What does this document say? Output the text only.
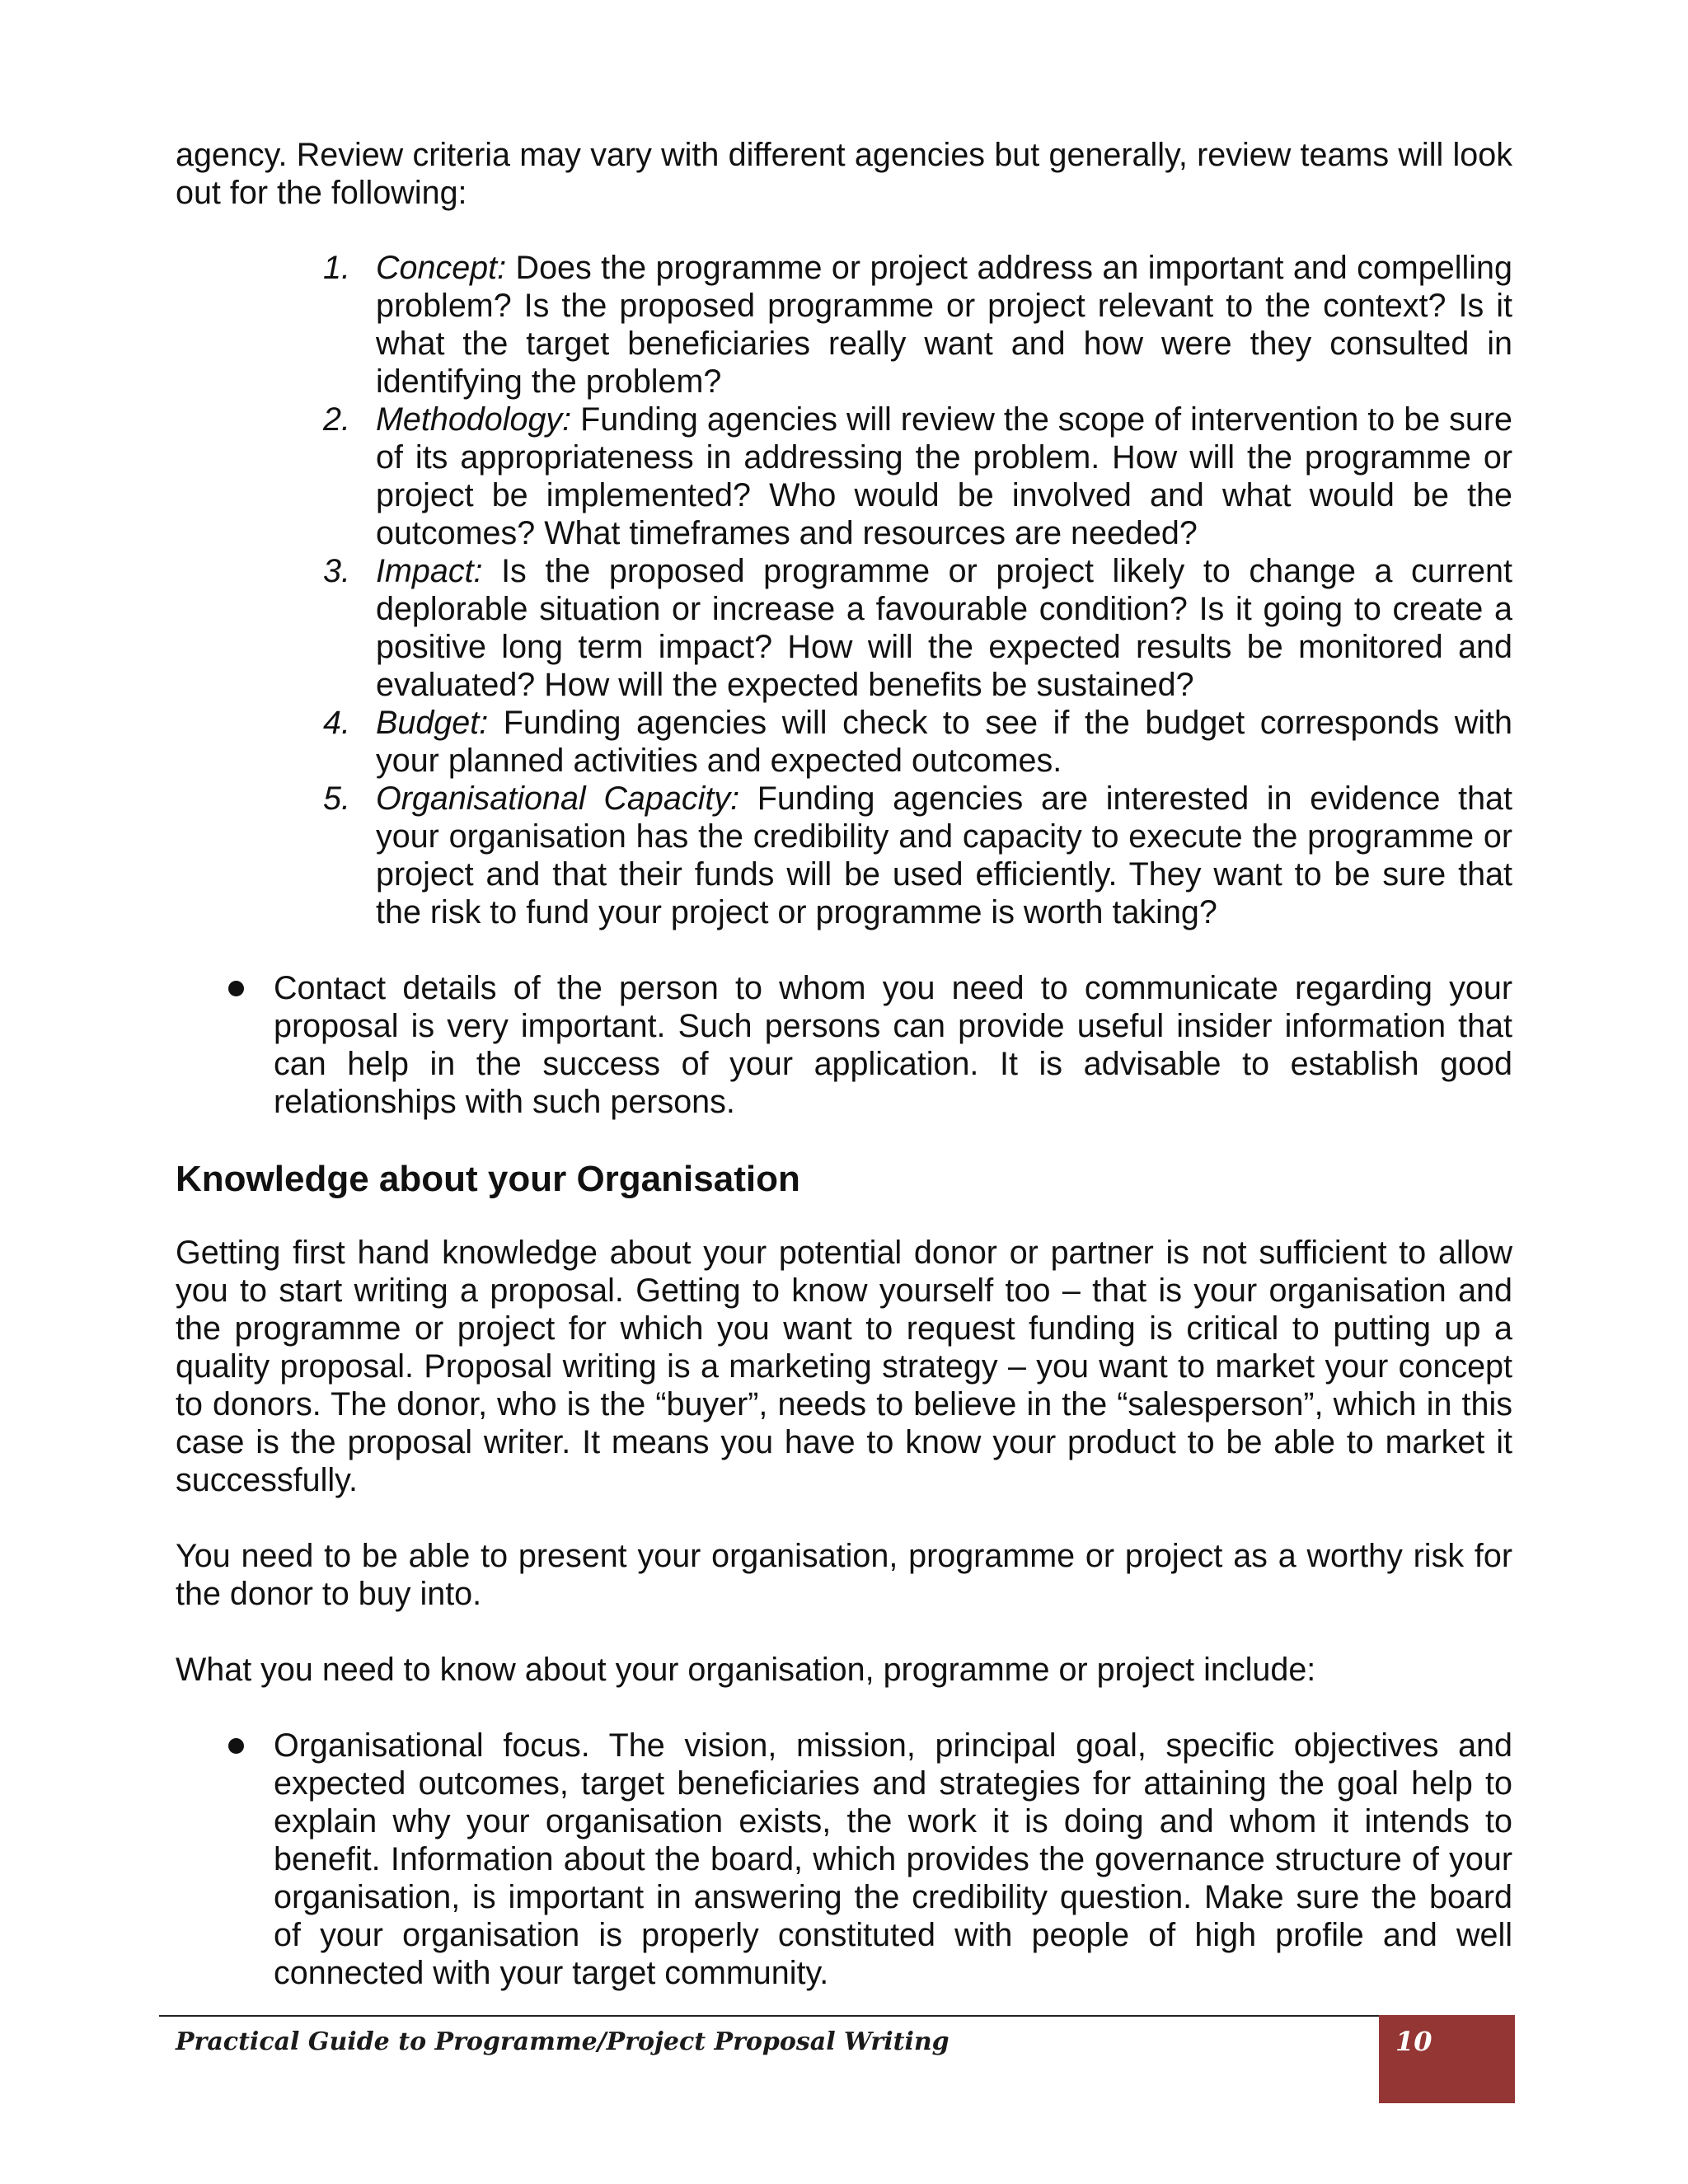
agency. Review criteria may vary with different agencies but generally, review teams will look out for the following:

1. Concept: Does the programme or project address an important and compelling problem? Is the proposed programme or project relevant to the context? Is it what the target beneficiaries really want and how were they consulted in identifying the problem?
2. Methodology: Funding agencies will review the scope of intervention to be sure of its appropriateness in addressing the problem. How will the programme or project be implemented? Who would be involved and what would be the outcomes? What timeframes and resources are needed?
3. Impact: Is the proposed programme or project likely to change a current deplorable situation or increase a favourable condition? Is it going to create a positive long term impact? How will the expected results be monitored and evaluated? How will the expected benefits be sustained?
4. Budget: Funding agencies will check to see if the budget corresponds with your planned activities and expected outcomes.
5. Organisational Capacity: Funding agencies are interested in evidence that your organisation has the credibility and capacity to execute the programme or project and that their funds will be used efficiently. They want to be sure that the risk to fund your project or programme is worth taking?

Contact details of the person to whom you need to communicate regarding your proposal is very important. Such persons can provide useful insider information that can help in the success of your application. It is advisable to establish good relationships with such persons.

Knowledge about your Organisation

Getting first hand knowledge about your potential donor or partner is not sufficient to allow you to start writing a proposal. Getting to know yourself too – that is your organisation and the programme or project for which you want to request funding is critical to putting up a quality proposal. Proposal writing is a marketing strategy – you want to market your concept to donors. The donor, who is the “buyer”, needs to believe in the “salesperson”, which in this case is the proposal writer. It means you have to know your product to be able to market it successfully.

You need to be able to present your organisation, programme or project as a worthy risk for the donor to buy into.

What you need to know about your organisation, programme or project include:

Organisational focus. The vision, mission, principal goal, specific objectives and expected outcomes, target beneficiaries and strategies for attaining the goal help to explain why your organisation exists, the work it is doing and whom it intends to benefit. Information about the board, which provides the governance structure of your organisation, is important in answering the credibility question. Make sure the board of your organisation is properly constituted with people of high profile and well connected with your target community.

Practical Guide to Programme/Project Proposal Writing	10
